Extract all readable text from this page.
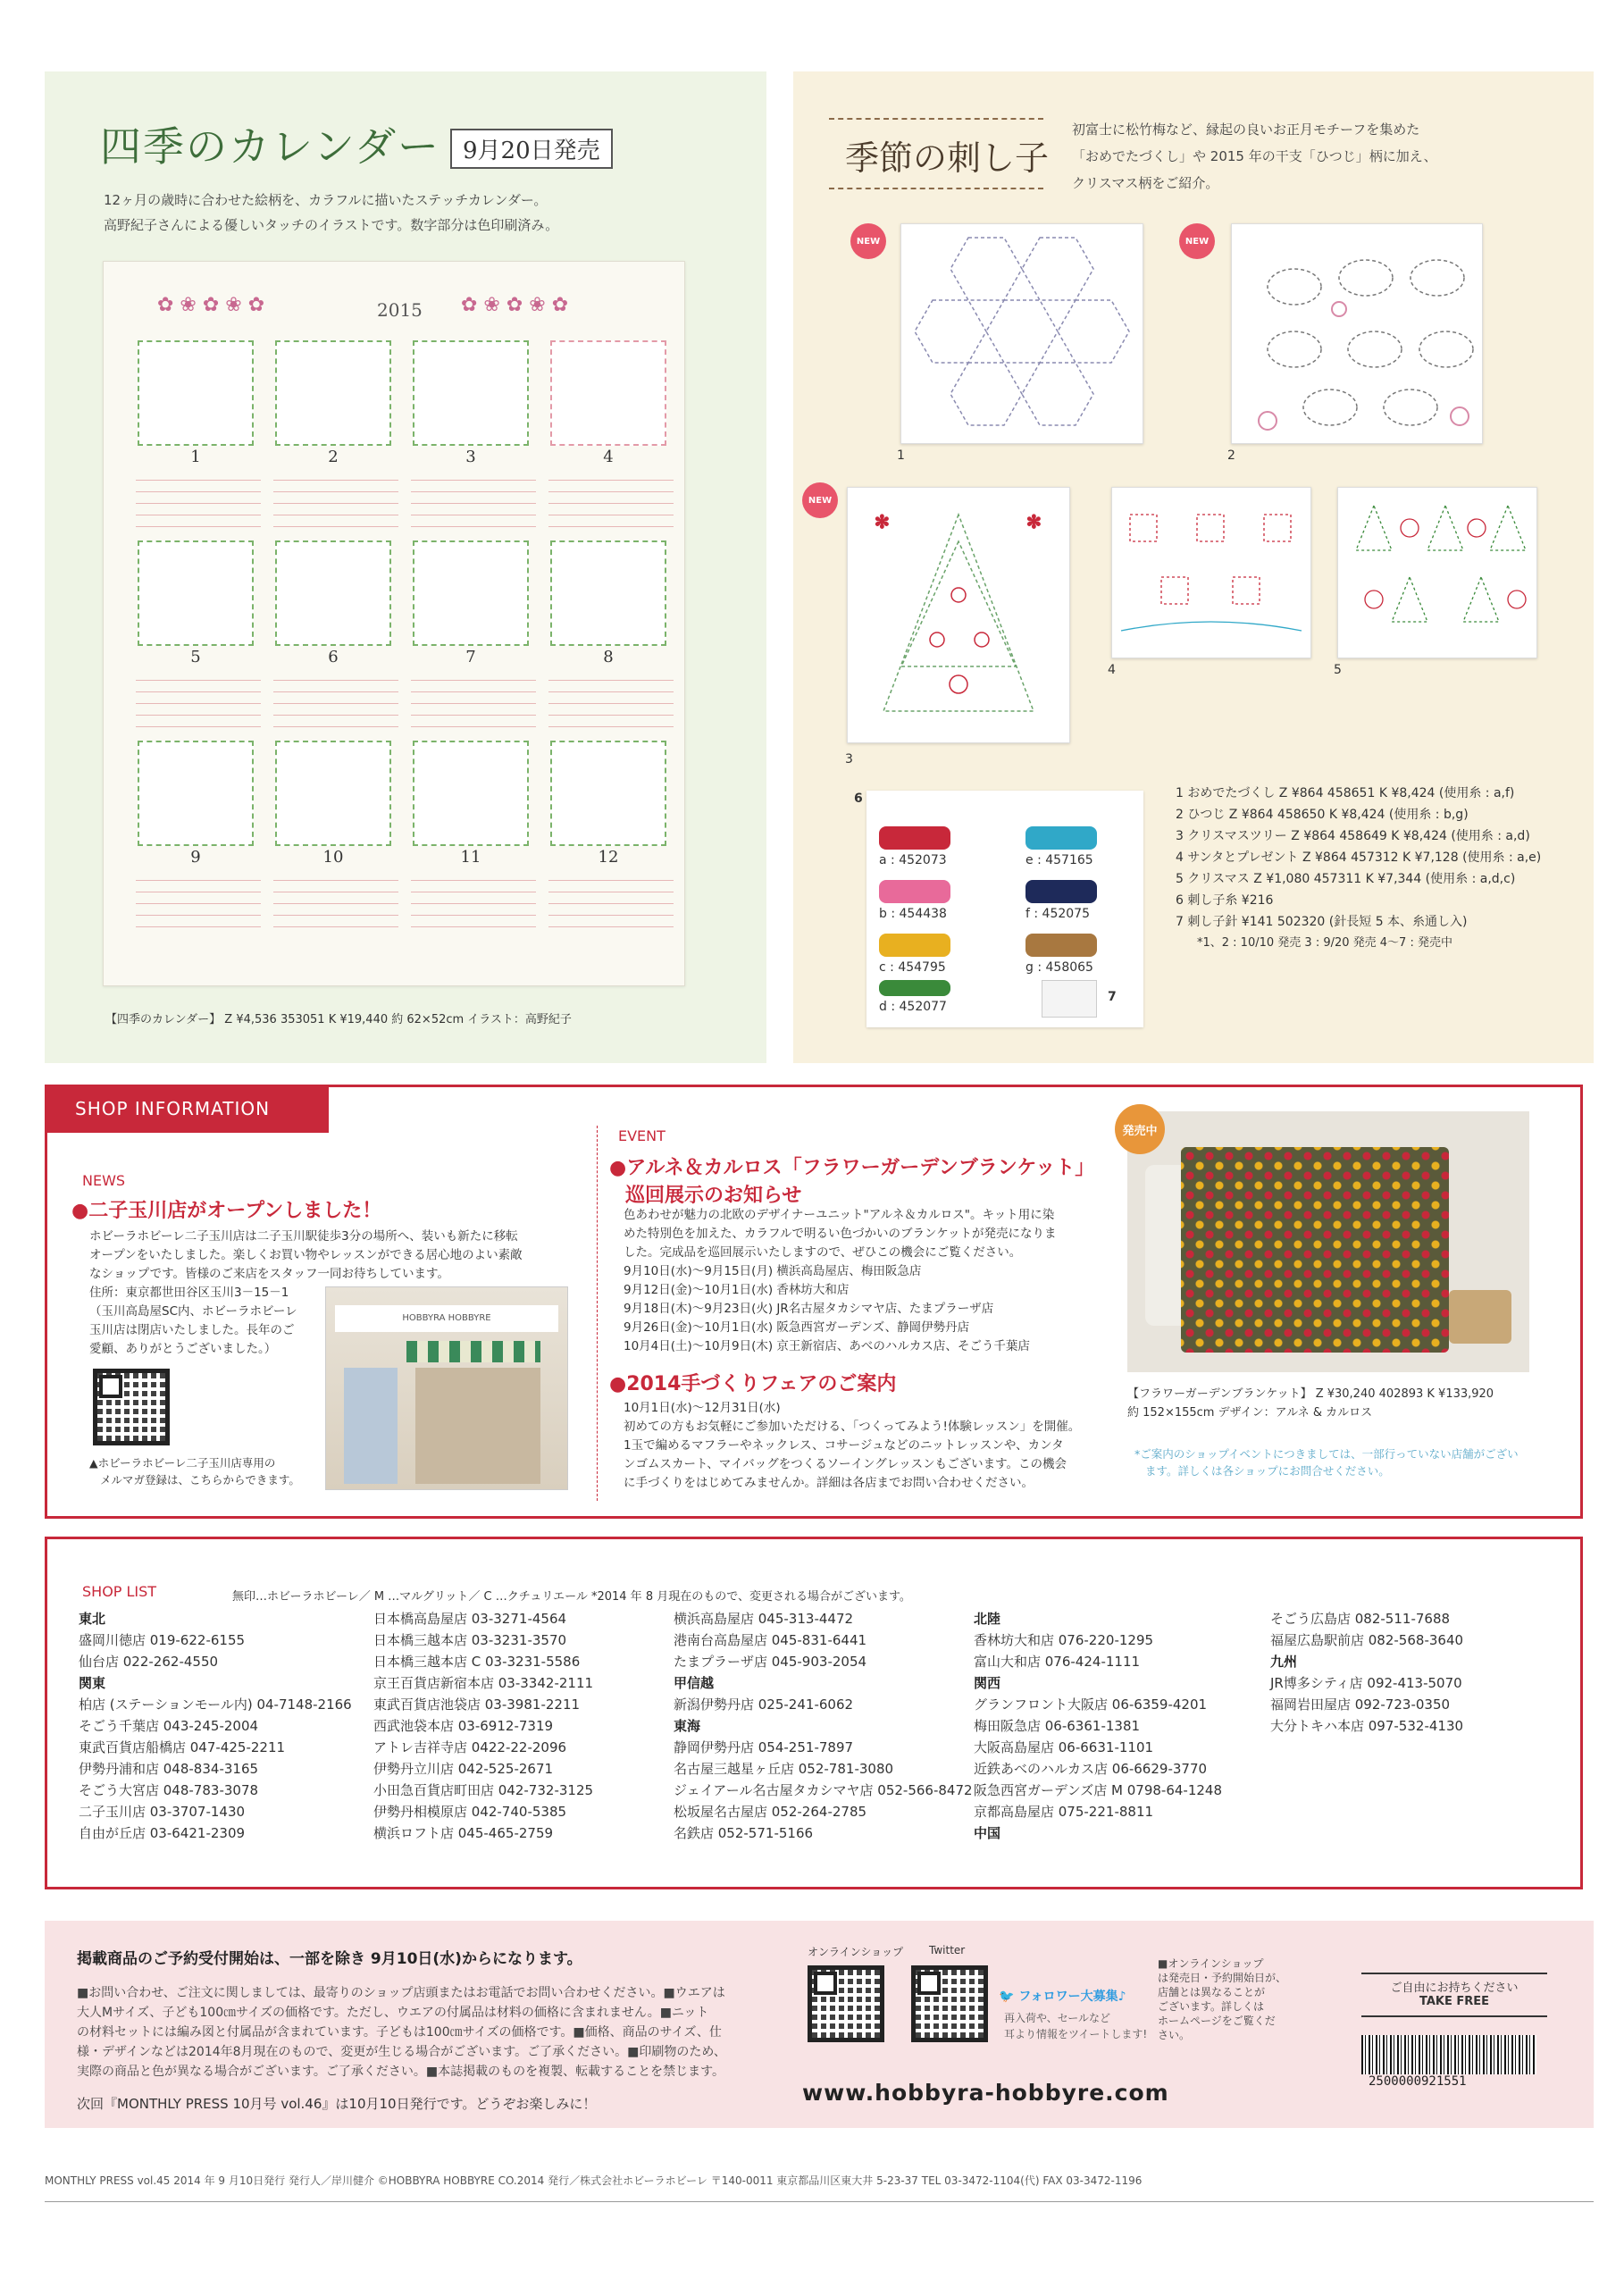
四季のカレンダー 9月20日発売
12ヶ月の歳時に合わせた絵柄を、カラフルに描いたステッチカレンダー。
高野紀子さんによる優しいタッチのイラストです。数字部分は色印刷済み。
2015
✿ ❀ ✿ ❀ ✿	✿ ❀ ✿ ❀ ✿
1	2	3	4
5	6	7	8
9	10	11	12
【四季のカレンダー】 Z ¥4,536 353051 K ¥19,440 約 62×52cm イラスト：高野紀子
季節の刺し子
初富士に松竹梅など、縁起の良いお正月モチーフを集めた
「おめでたづくし」や 2015 年の干支「ひつじ」柄に加え、
クリスマス柄をご紹介。
NEW
1
NEW
2
✻	✻
NEW
3
4	5
a : 452073
b : 454438
c : 454795
d : 452077
e : 457165
f : 452075
g : 458065
6
7
1 おめでたづくし Z ¥864 458651 K ¥8,424 (使用糸 : a,f)
2 ひつじ Z ¥864 458650 K ¥8,424 (使用糸 : b,g)
3 クリスマスツリー Z ¥864 458649 K ¥8,424 (使用糸 : a,d)
4 サンタとプレゼント Z ¥864 457312 K ¥7,128 (使用糸 : a,e)
5 クリスマス Z ¥1,080 457311 K ¥7,344 (使用糸 : a,d,c)
6 刺し子糸 ¥216
7 刺し子針 ¥141 502320 (針長短 5 本、糸通し入)
*1、2 : 10/10 発売 3 : 9/20 発売 4〜7 : 発売中
SHOP INFORMATION
NEWS
●二子玉川店がオープンしました！
ホビーラホビーレ二子玉川店は二子玉川駅徒歩3分の場所へ、装いも新たに移転
オープンをいたしました。楽しくお買い物やレッスンができる居心地のよい素敵
なショップです。皆様のご来店をスタッフ一同お待ちしています。
住所：東京都世田谷区玉川3－15－1
（玉川高島屋SC内、ホビーラホビーレ
玉川店は閉店いたしました。長年のご
愛顧、ありがとうございました。）
▲ホビーラホビーレ二子玉川店専用の
メルマガ登録は、こちらからできます。
HOBBYRA HOBBYRE
EVENT
●アルネ＆カルロス「フラワーガーデンブランケット」
巡回展示のお知らせ
色あわせが魅力の北欧のデザイナーユニット"アルネ＆カルロス"。キット用に染
めた特別色を加えた、カラフルで明るい色づかいのブランケットが発売になりま
した。完成品を巡回展示いたしますので、ぜひこの機会にご覧ください。
9月10日(水)〜9月15日(月) 横浜高島屋店、梅田阪急店
9月12日(金)〜10月1日(水) 香林坊大和店
9月18日(木)〜9月23日(火) JR名古屋タカシマヤ店、たまプラーザ店
9月26日(金)〜10月1日(水) 阪急西宮ガーデンズ、静岡伊勢丹店
10月4日(土)〜10月9日(木) 京王新宿店、あべのハルカス店、そごう千葉店
●2014手づくりフェアのご案内
10月1日(水)〜12月31日(水)
初めての方もお気軽にご参加いただける、「つくってみよう!体験レッスン」を開催。
1玉で編めるマフラーやネックレス、コサージュなどのニットレッスンや、カンタ
ンゴムスカート、マイバッグをつくるソーイングレッスンもございます。この機会
に手づくりをはじめてみませんか。詳細は各店までお問い合わせください。
発売中
【フラワーガーデンブランケット】 Z ¥30,240 402893 K ¥133,920
約 152×155cm デザイン：アルネ & カルロス
*ご案内のショップイベントにつきましては、一部行っていない店舗がござい
ます。詳しくは各ショップにお問合せください。
SHOP LIST	無印…ホビーラホビーレ／ M …マルグリット／ C …クチュリエール *2014 年 8 月現在のもので、変更される場合がございます。
東北
盛岡川徳店 019-622-6155
仙台店 022-262-4550
関東
柏店 (ステーションモール内) 04-7148-2166
そごう千葉店 043-245-2004
東武百貨店船橋店 047-425-2211
伊勢丹浦和店 048-834-3165
そごう大宮店 048-783-3078
二子玉川店 03-3707-1430
自由が丘店 03-6421-2309
日本橋高島屋店 03-3271-4564
日本橋三越本店 03-3231-3570
日本橋三越本店 C 03-3231-5586
京王百貨店新宿本店 03-3342-2111
東武百貨店池袋店 03-3981-2211
西武池袋本店 03-6912-7319
アトレ吉祥寺店 0422-22-2096
伊勢丹立川店 042-525-2671
小田急百貨店町田店 042-732-3125
伊勢丹相模原店 042-740-5385
横浜ロフト店 045-465-2759
横浜高島屋店 045-313-4472
港南台高島屋店 045-831-6441
たまプラーザ店 045-903-2054
甲信越
新潟伊勢丹店 025-241-6062
東海
静岡伊勢丹店 054-251-7897
名古屋三越星ヶ丘店 052-781-3080
ジェイアール名古屋タカシマヤ店 052-566-8472
松坂屋名古屋店 052-264-2785
名鉄店 052-571-5166
北陸
香林坊大和店 076-220-1295
富山大和店 076-424-1111
関西
グランフロント大阪店 06-6359-4201
梅田阪急店 06-6361-1381
大阪高島屋店 06-6631-1101
近鉄あべのハルカス店 06-6629-3770
阪急西宮ガーデンズ店 M 0798-64-1248
京都高島屋店 075-221-8811
中国
そごう広島店 082-511-7688
福屋広島駅前店 082-568-3640
九州
JR博多シティ店 092-413-5070
福岡岩田屋店 092-723-0350
大分トキハ本店 097-532-4130
掲載商品のご予約受付開始は、一部を除き 9月10日(水)からになります。
■お問い合わせ、ご注文に関しましては、最寄りのショップ店頭またはお電話でお問い合わせください。■ウエアは
大人Mサイズ、子ども100㎝サイズの価格です。ただし、ウエアの付属品は材料の価格に含まれません。■ニット
の材料セットには編み図と付属品が含まれています。子どもは100㎝サイズの価格です。■価格、商品のサイズ、仕
様・デザインなどは2014年8月現在のもので、変更が生じる場合がございます。ご了承ください。■印刷物のため、
実際の商品と色が異なる場合がございます。ご了承ください。■本誌掲載のものを複製、転載することを禁じます。
次回『MONTHLY PRESS 10月号 vol.46』は10月10日発行です。どうぞお楽しみに！
オンラインショップ Twitter
🐦 フォロワー大募集♪
再入荷や、セールなど
耳より情報をツイートします!
■オンラインショップ
は発売日・予約開始日が、
店舗とは異なることが
ございます。詳しくは
ホームページをご覧くだ
さい。
www.hobbyra-hobbyre.com
ご自由にお持ちください
TAKE FREE
2500000921551
MONTHLY PRESS vol.45 2014 年 9 月10日発行 発行人／岸川健介 ©HOBBYRA HOBBYRE CO.2014 発行／株式会社ホビーラホビーレ 〒140-0011 東京都品川区東大井 5-23-37 TEL 03-3472-1104(代) FAX 03-3472-1196
